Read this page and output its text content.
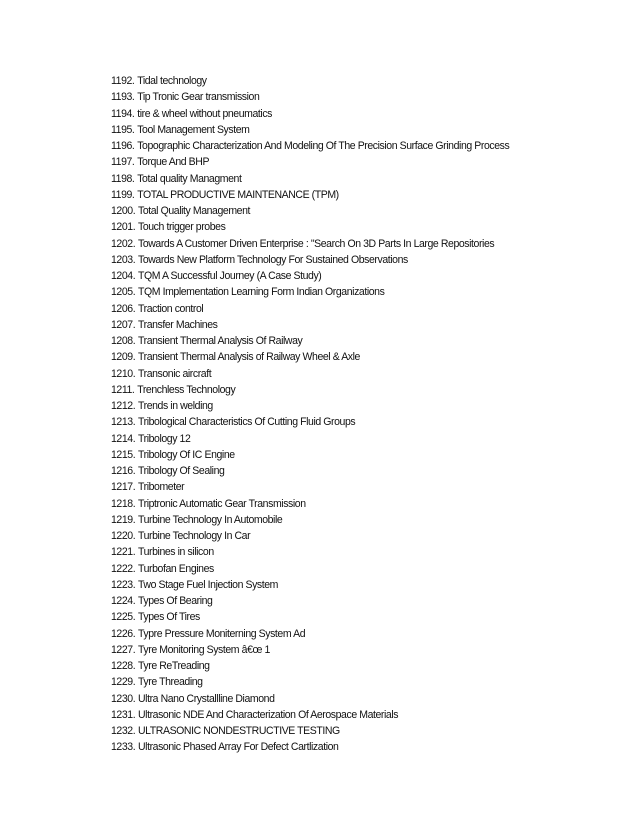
1192. Tidal technology
1193. Tip Tronic Gear transmission
1194. tire & wheel without pneumatics
1195. Tool Management System
1196. Topographic Characterization And Modeling Of The Precision Surface Grinding Process
1197. Torque And BHP
1198. Total quality Managment
1199. TOTAL PRODUCTIVE MAINTENANCE (TPM)
1200. Total Quality Management
1201. Touch trigger probes
1202. Towards A Customer Driven Enterprise : "Search On 3D Parts In Large Repositories
1203. Towards New Platform Technology For Sustained Observations
1204. TQM A Successful Journey (A Case Study)
1205. TQM Implementation Learning Form Indian Organizations
1206. Traction control
1207. Transfer Machines
1208. Transient Thermal Analysis Of Railway
1209. Transient Thermal Analysis of Railway Wheel & Axle
1210. Transonic aircraft
1211. Trenchless Technology
1212. Trends in welding
1213. Tribological Characteristics Of Cutting Fluid Groups
1214. Tribology 12
1215. Tribology Of IC Engine
1216. Tribology Of Sealing
1217. Tribometer
1218. Triptronic Automatic Gear Transmission
1219. Turbine Technology In Automobile
1220. Turbine Technology In Car
1221. Turbines in silicon
1222. Turbofan Engines
1223. Two Stage Fuel Injection System
1224. Types Of Bearing
1225. Types Of Tires
1226. Typre Pressure Moniterning System Ad
1227. Tyre Monitoring System â€œ 1
1228. Tyre ReTreading
1229. Tyre Threading
1230. Ultra Nano Crystallline Diamond
1231. Ultrasonic NDE And Characterization Of Aerospace Materials
1232. ULTRASONIC NONDESTRUCTIVE TESTING
1233. Ultrasonic Phased Array For Defect Cartlization
